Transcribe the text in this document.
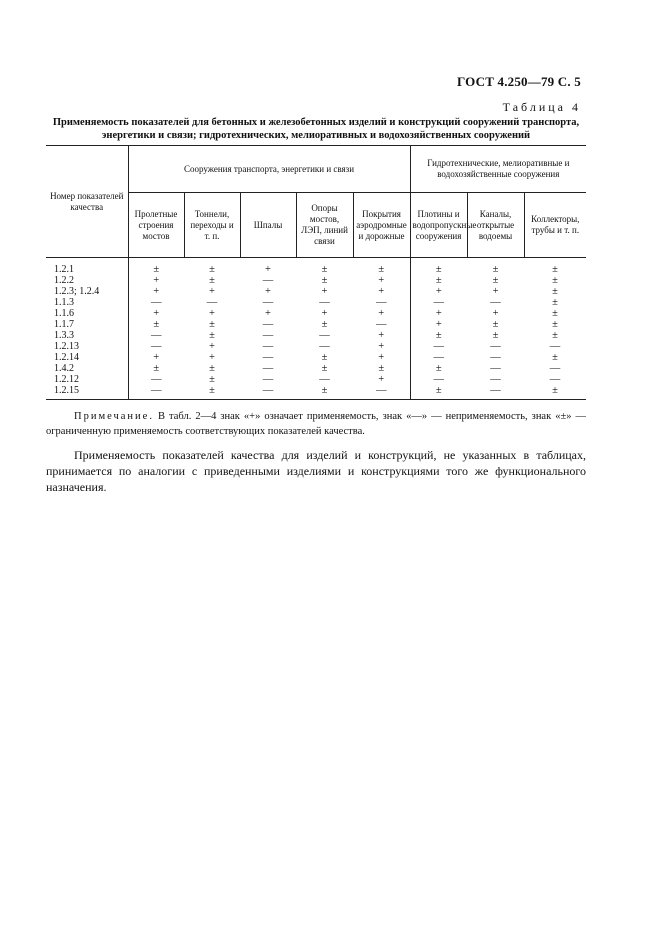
ГОСТ 4.250—79 С. 5
Таблица 4
Применяемость показателей для бетонных и железобетонных изделий и конструкций сооружений транспорта, энергетики и связи; гидротехнических, мелиоративных и водохозяйственных сооружений
Номер показателей качества	Сооружения транспорта, энергетики и связи					Гидротехнические, мелиоративные и водохозяйственные сооружения		
	Пролетные строения мостов	Тоннели, переходы и т. п.	Шпалы	Опоры мостов, ЛЭП, линий связи	Покрытия аэродромные и дорожные	Плотины и водопропускные сооружения	Каналы, открытые водоемы	Коллекторы, трубы и т. п.
1.2.1	±	±	+	±	±	±	±	±
1.2.2	+	±	—	±	+	±	±	±
1.2.3; 1.2.4	+	+	+	+	+	+	+	±
1.1.3	—	—	—	—	—	—	—	±
1.1.6	+	+	+	+	+	+	+	±
1.1.7	±	±	—	±	—	+	±	±
1.3.3	—	±	—	—	+	±	±	±
1.2.13	—	+	—	—	+	—	—	—
1.2.14	+	+	—	±	+	—	—	±
1.4.2	±	±	—	±	±	±	—	—
1.2.12	—	±	—	—	+	—	—	—
1.2.15	—	±	—	±	—	±	—	±
Примечание. В табл. 2—4 знак «+» означает применяемость, знак «—» — неприменяемость, знак «±» — ограниченную применяемость соответствующих показателей качества.
Применяемость показателей качества для изделий и конструкций, не указанных в таблицах, принимается по аналогии с приведенными изделиями и конструкциями того же функционального назначения.
